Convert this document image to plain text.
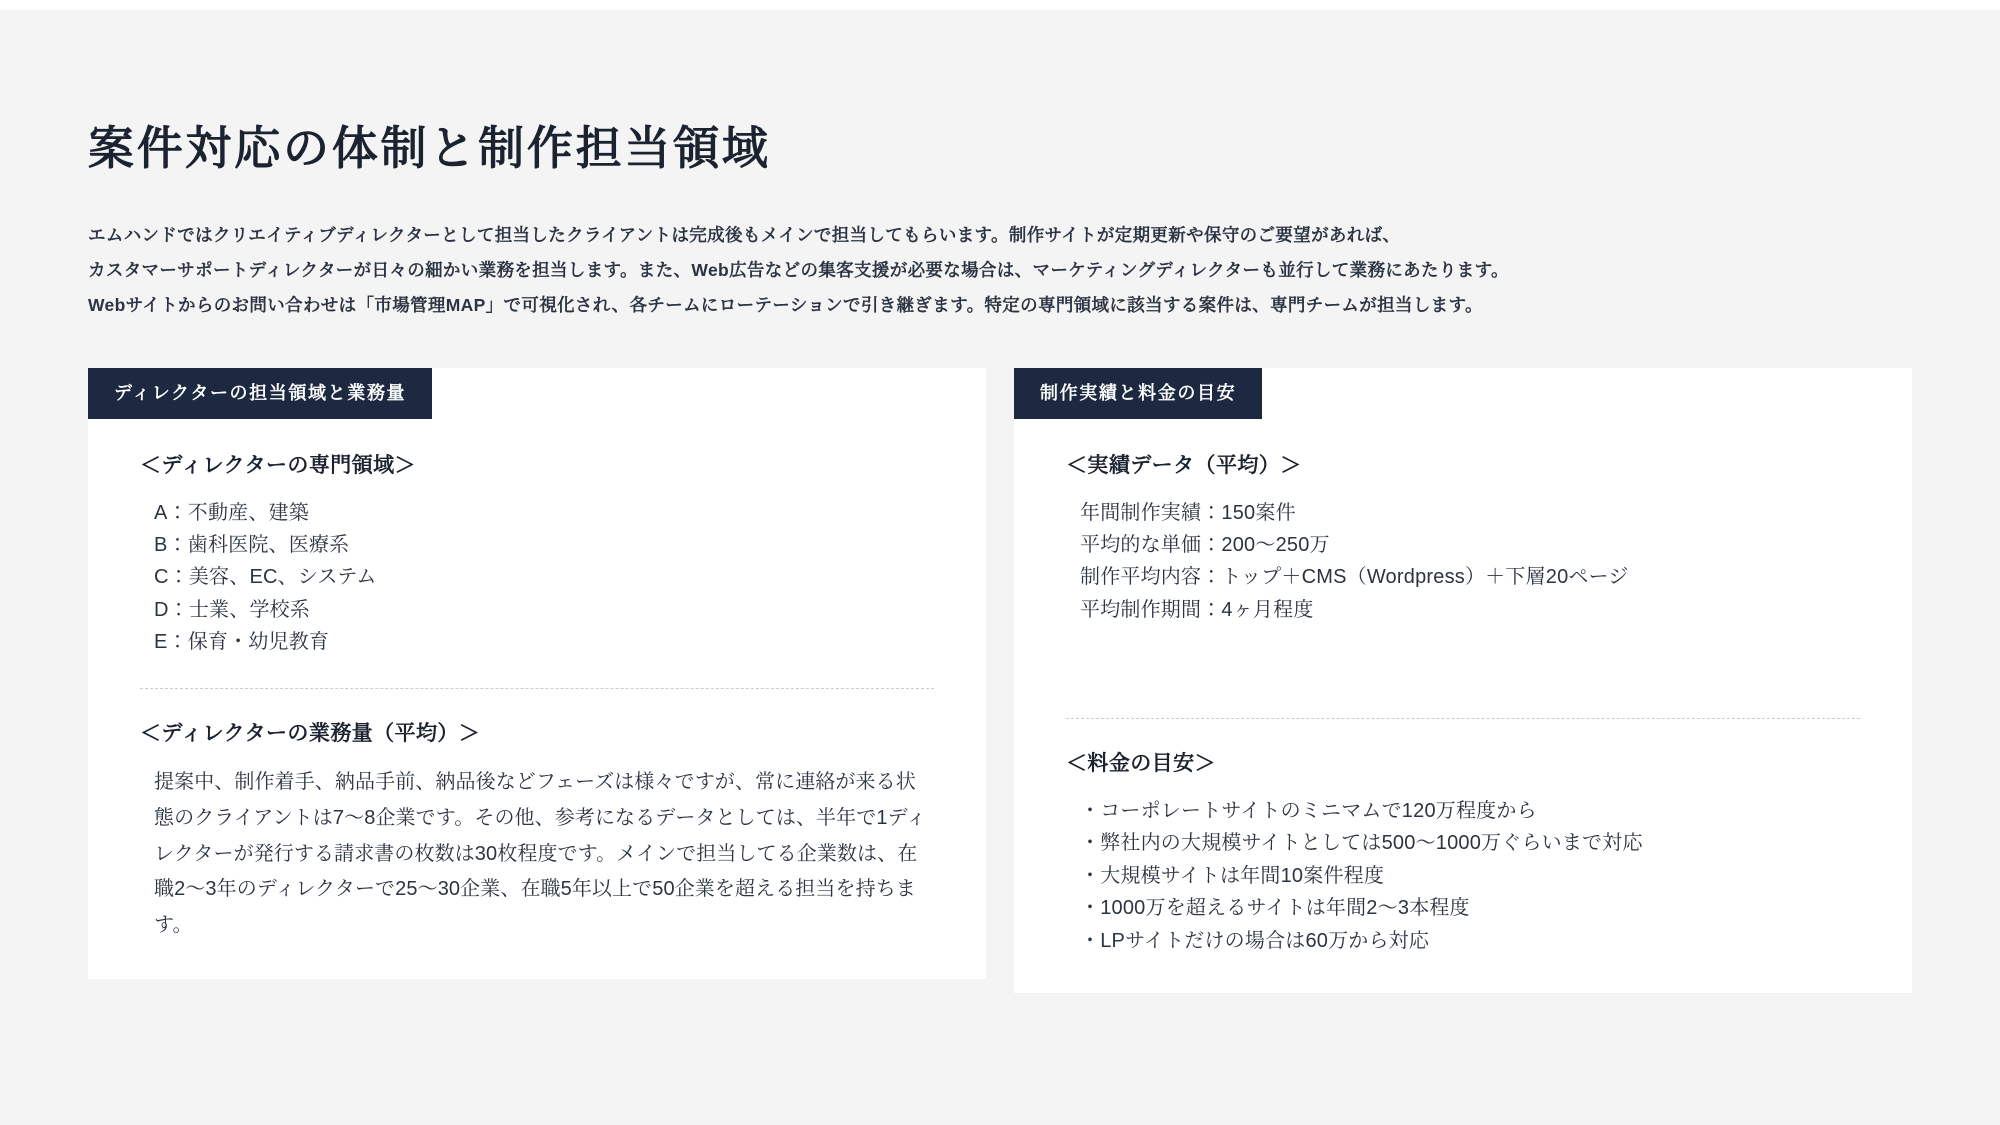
案件対応の体制と制作担当領域

エムハンドではクリエイティブディレクターとして担当したクライアントは完成後もメインで担当してもらいます。制作サイトが定期更新や保守のご要望があれば、

カスタマーサポートディレクターが日々の細かい業務を担当します。また、Web広告などの集客支援が必要な場合は、マーケティングディレクターも並行して業務にあたります。

Webサイトからのお問い合わせは「市場管理MAP」で可視化され、各チームにローテーションで引き継ぎます。特定の専門領域に該当する案件は、専門チームが担当します。

ディレクターの担当領域と業務量
＜ディレクターの専門領域＞
A：不動産、建築
B：歯科医院、医療系
C：美容、EC、システム
D：士業、学校系
E：保育・幼児教育
＜ディレクターの業務量（平均）＞

提案中、制作着手、納品手前、納品後などフェーズは様々ですが、常に連絡が来る状態のクライアントは7〜8企業です。その他、参考になるデータとしては、半年で1ディレクターが発行する請求書の枚数は30枚程度です。メインで担当してる企業数は、在職2〜3年のディレクターで25〜30企業、在職5年以上で50企業を超える担当を持ちます。

制作実績と料金の目安
＜実績データ（平均）＞
年間制作実績：150案件
平均的な単価：200〜250万
制作平均内容：トップ＋CMS（Wordpress）＋下層20ページ
平均制作期間：4ヶ月程度
＜料金の目安＞
・コーポレートサイトのミニマムで120万程度から
・弊社内の大規模サイトとしては500〜1000万ぐらいまで対応
・大規模サイトは年間10案件程度
・1000万を超えるサイトは年間2〜3本程度
・LPサイトだけの場合は60万から対応
